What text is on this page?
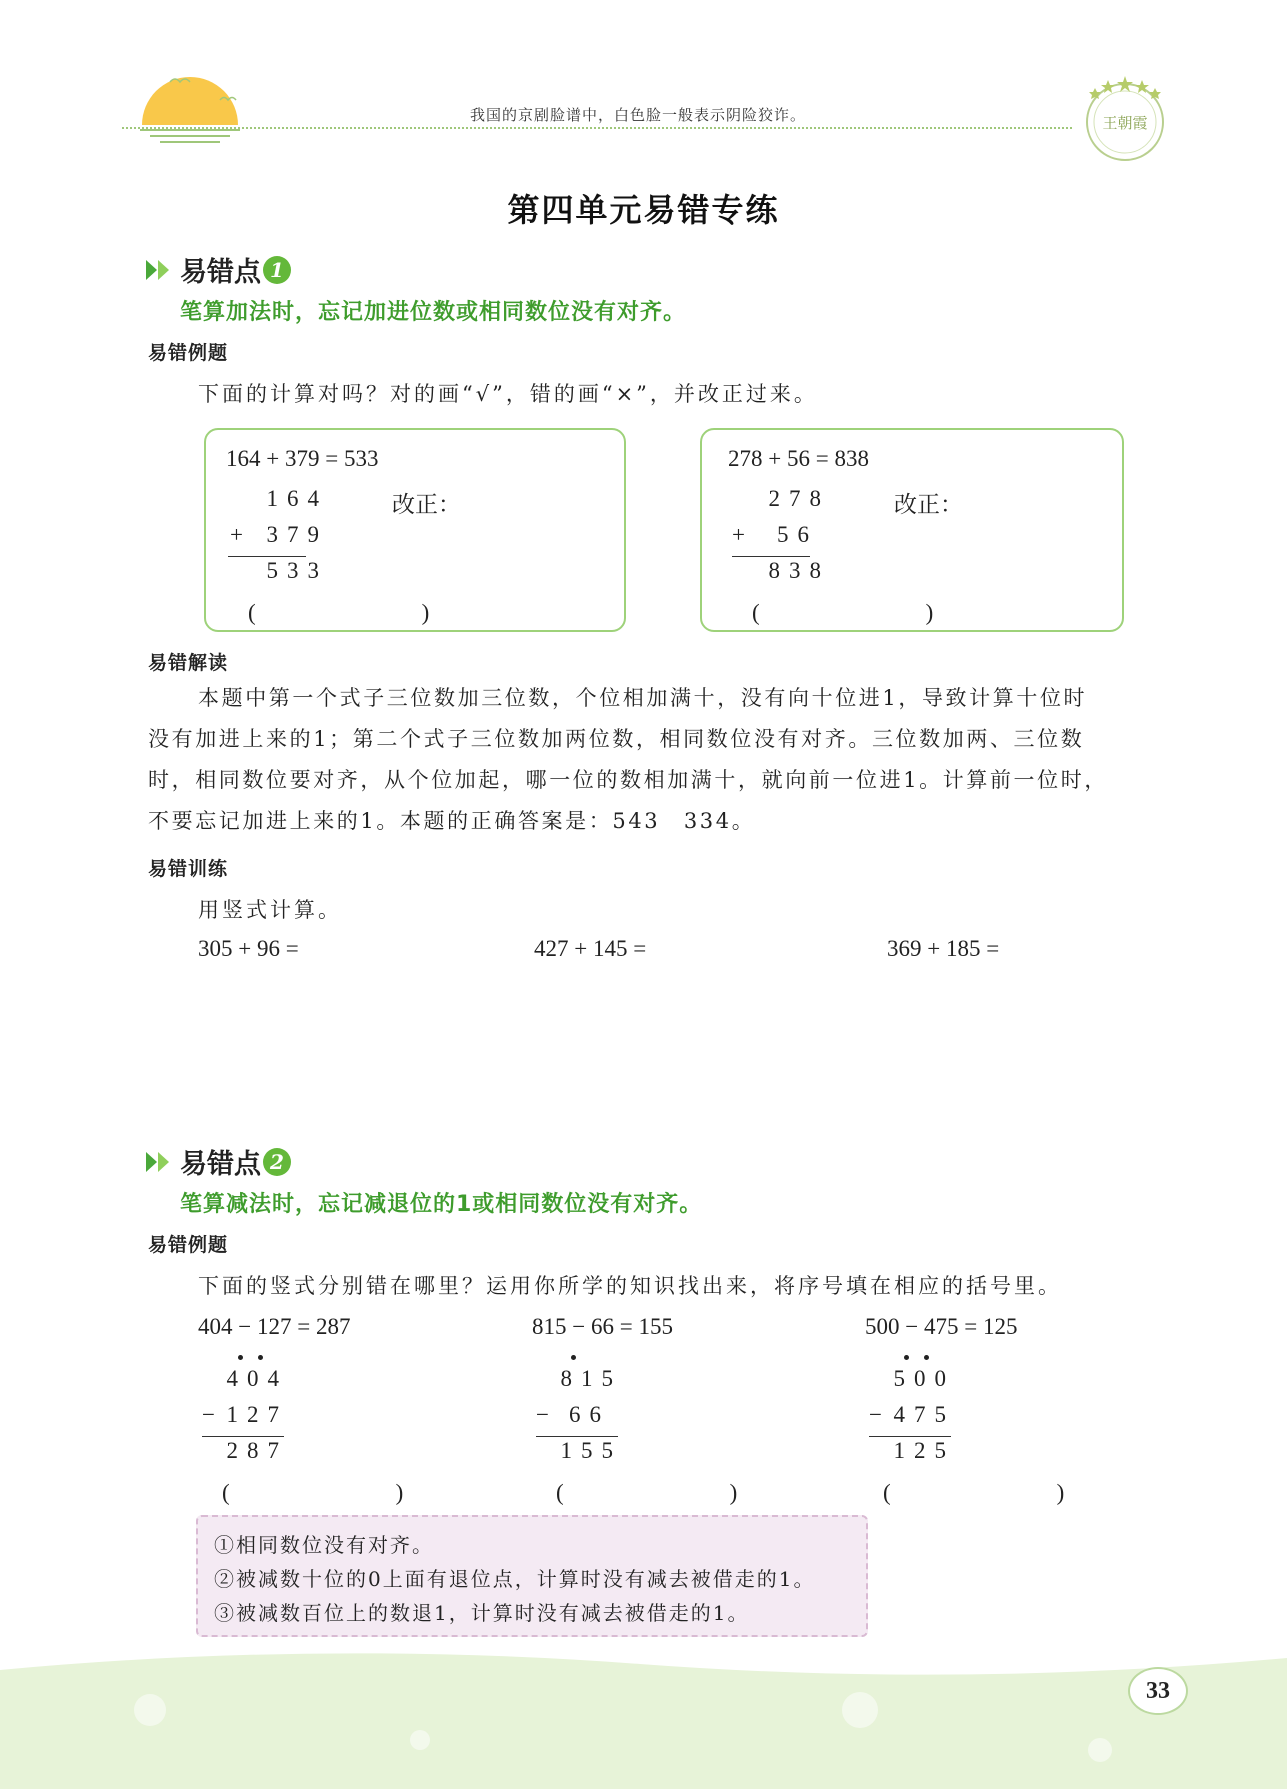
我国的京剧脸谱中，白色脸一般表示阴险狡诈。	王朝霞
第四单元易错专练
易错点 1
笔算加法时，忘记加进位数或相同数位没有对齐。
易错例题
下面的计算对吗？对的画“√”，错的画“×”，并改正过来。
164 + 379 = 533
164
+	379
533
(　　)
改正：
278 + 56 = 838
278
+	56
838
(　　)
改正：
易错解读
本题中第一个式子三位数加三位数，个位相加满十，没有向十位进1，导致计算十位时
没有加进上来的1；第二个式子三位数加两位数，相同数位没有对齐。三位数加两、三位数
时，相同数位要对齐，从个位加起，哪一位的数相加满十，就向前一位进1。计算前一位时，
不要忘记加进上来的1。本题的正确答案是：543　334。
易错训练
用竖式计算。
305 + 96 =	427 + 145 =	369 + 185 =
易错点 2
笔算减法时，忘记减退位的1或相同数位没有对齐。
易错例题
下面的竖式分别错在哪里？运用你所学的知识找出来，将序号填在相应的括号里。
404 − 127 = 287
404
− 127
287
(　　)
815 − 66 = 155
815
− 66
155
(　　)
500 − 475 = 125
500
− 475
125
(　　)
①相同数位没有对齐。
②被减数十位的0上面有退位点，计算时没有减去被借走的1。
③被减数百位上的数退1，计算时没有减去被借走的1。
33
